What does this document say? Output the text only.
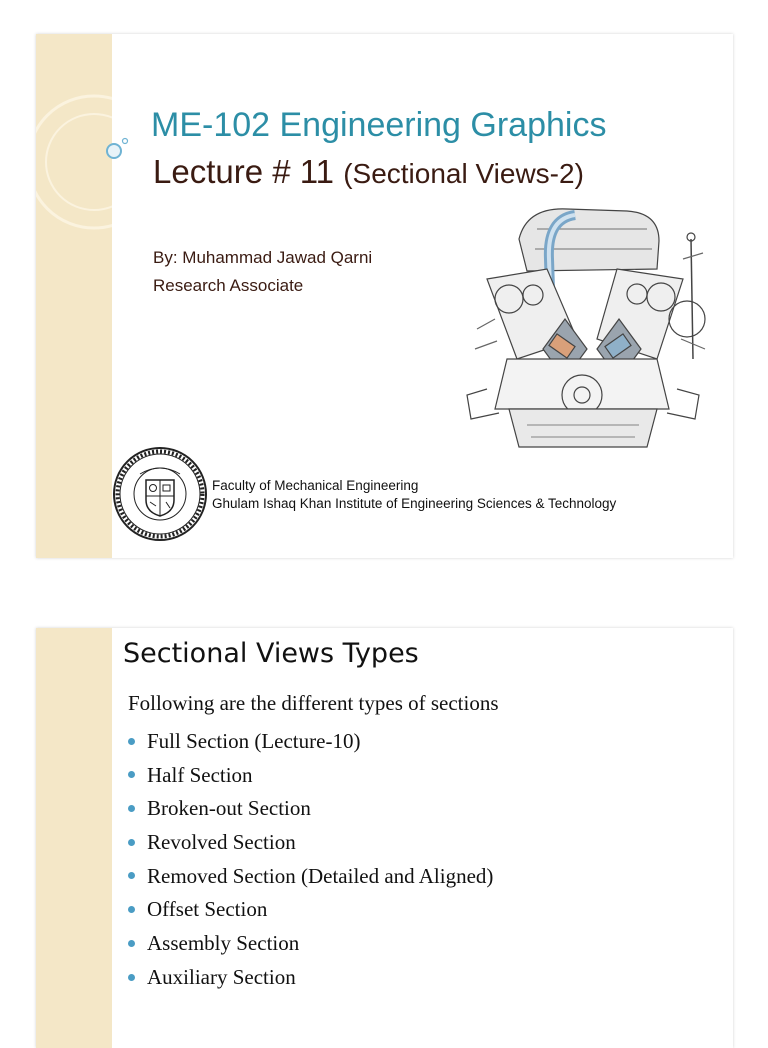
ME-102 Engineering Graphics
Lecture # 11 (Sectional Views-2)
By: Muhammad Jawad Qarni
Research Associate
Faculty of Mechanical Engineering
Ghulam Ishaq Khan Institute of Engineering Sciences & Technology
Sectional Views Types
Following are the different types of sections
Full Section (Lecture-10)
Half Section
Broken-out Section
Revolved Section
Removed Section (Detailed and Aligned)
Offset Section
Assembly Section
Auxiliary Section
